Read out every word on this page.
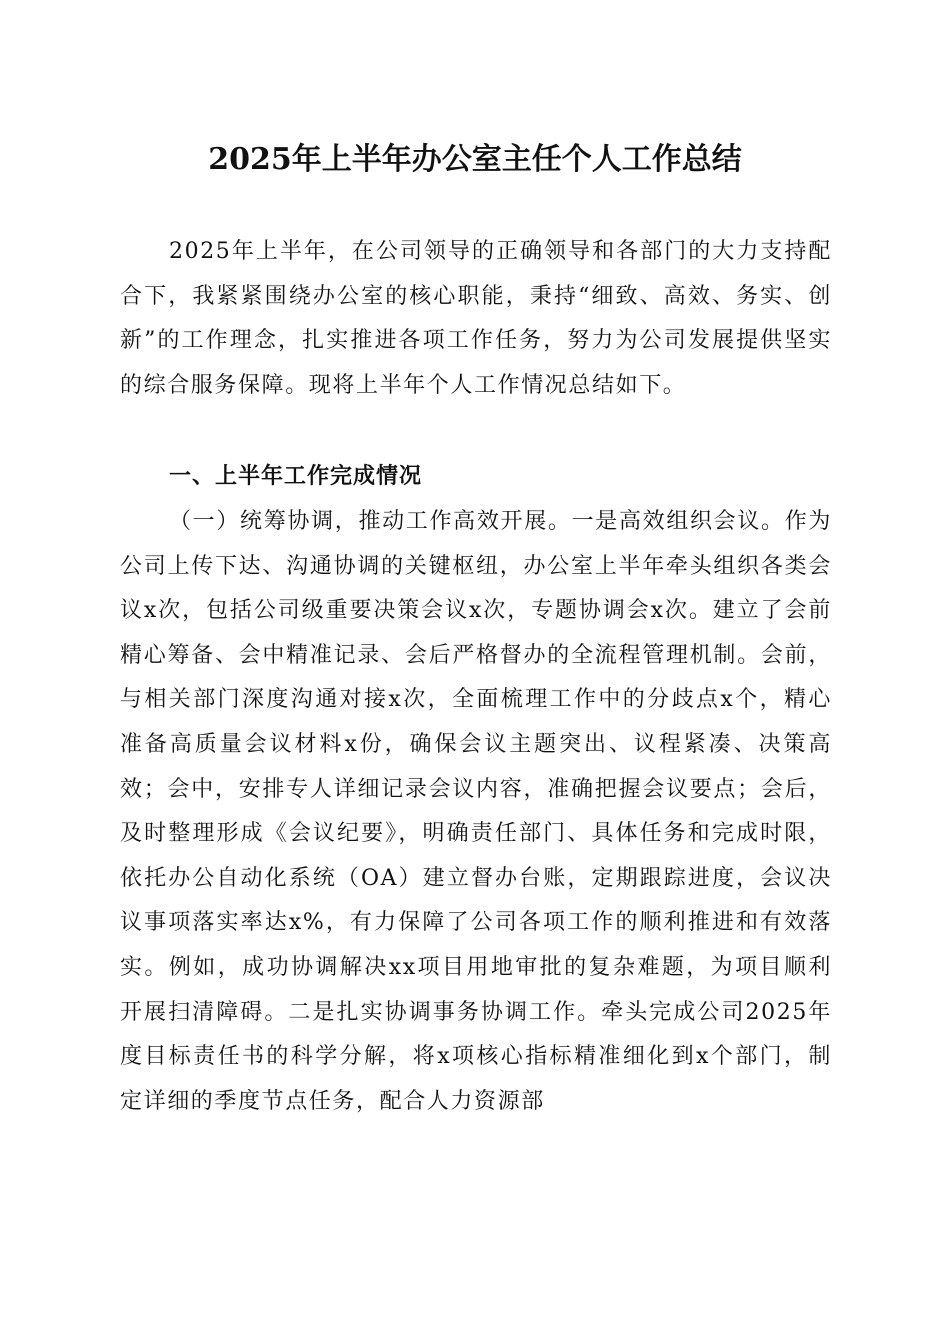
2025年上半年办公室主任个人工作总结

2025年上半年，在公司领导的正确领导和各部门的大力支持配合下，我紧紧围绕办公室的核心职能，秉持“细致、高效、务实、创新”的工作理念，扎实推进各项工作任务，努力为公司发展提供坚实的综合服务保障。现将上半年个人工作情况总结如下。

一、上半年工作完成情况

（一）统筹协调，推动工作高效开展。一是高效组织会议。作为公司上传下达、沟通协调的关键枢纽，办公室上半年牵头组织各类会议x次，包括公司级重要决策会议x次，专题协调会x次。建立了会前精心筹备、会中精准记录、会后严格督办的全流程管理机制。会前，与相关部门深度沟通对接x次，全面梳理工作中的分歧点x个，精心准备高质量会议材料x份，确保会议主题突出、议程紧凑、决策高效；会中，安排专人详细记录会议内容，准确把握会议要点；会后，及时整理形成《会议纪要》，明确责任部门、具体任务和完成时限，依托办公自动化系统（OA）建立督办台账，定期跟踪进度，会议决议事项落实率达x%，有力保障了公司各项工作的顺利推进和有效落实。例如，成功协调解决xx项目用地审批的复杂难题，为项目顺利开展扫清障碍。二是扎实协调事务协调工作。牵头完成公司2025年度目标责任书的科学分解，将x项核心指标精准细化到x个部门，制定详细的季度节点任务，配合人力资源部
